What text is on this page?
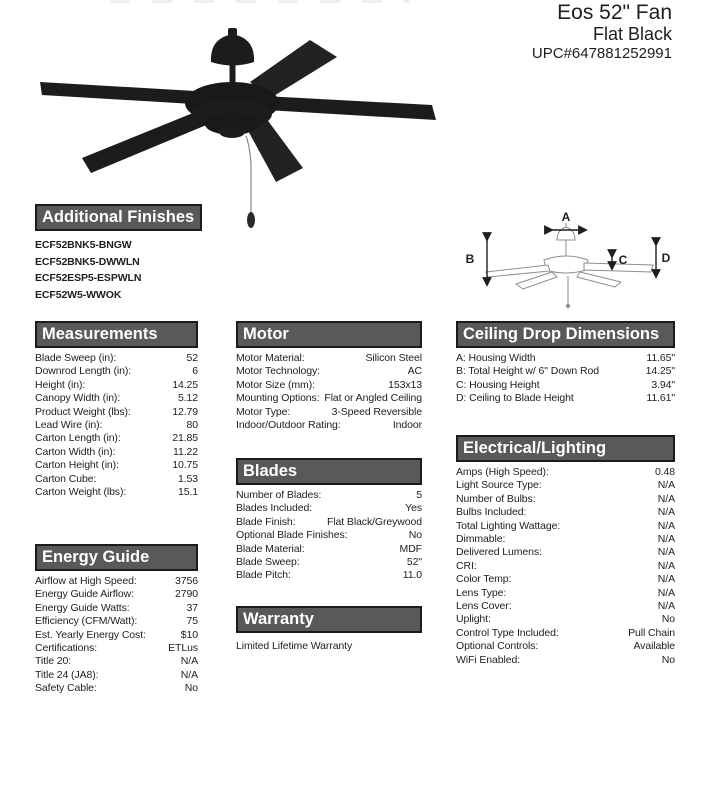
Eos 52" Fan
Flat Black
UPC#647881252991
Additional Finishes
ECF52BNK5-BNGW
ECF52BNK5-DWWLN
ECF52ESP5-ESPWLN
ECF52W5-WWOK
A
B	C	D
Measurements
Blade Sweep (in):	52
Downrod Length (in):	6
Height (in):	14.25
Canopy Width (in):	5.12
Product Weight (lbs):	12.79
Lead Wire (in):	80
Carton Length (in):	21.85
Carton Width (in):	11.22
Carton Height (in):	10.75
Carton Cube:	1.53
Carton Weight (lbs):	15.1
Energy Guide
Airflow at High Speed:	3756
Energy Guide Airflow:	2790
Energy Guide Watts:	37
Efficiency (CFM/Watt):	75
Est. Yearly Energy Cost:	$10
Certifications:	ETLus
Title 20:	N/A
Title 24 (JA8):	N/A
Safety Cable:	No
Motor
Motor Material:	Silicon Steel
Motor Technology:	AC
Motor Size (mm):	153x13
Mounting Options: Flat or Angled Ceiling
Motor Type:	3-Speed Reversible
Indoor/Outdoor Rating:	Indoor
Blades
Number of Blades:	5
Blades Included:	Yes
Blade Finish:	Flat Black/Greywood
Optional Blade Finishes:	No
Blade Material:	MDF
Blade Sweep:	52"
Blade Pitch:	11.0
Warranty
Limited Lifetime Warranty
Ceiling Drop Dimensions
A: Housing Width	11.65"
B: Total Height w/ 6" Down Rod	14.25"
C: Housing Height	3.94"
D: Ceiling to Blade Height	11.61"
Electrical/Lighting
Amps (High Speed):	0.48
Light Source Type:	N/A
Number of Bulbs:	N/A
Bulbs Included:	N/A
Total Lighting Wattage:	N/A
Dimmable:	N/A
Delivered Lumens:	N/A
CRI:	N/A
Color Temp:	N/A
Lens Type:	N/A
Lens Cover:	N/A
Uplight:	No
Control Type Included:	Pull Chain
Optional Controls:	Available
WiFi Enabled:	No
